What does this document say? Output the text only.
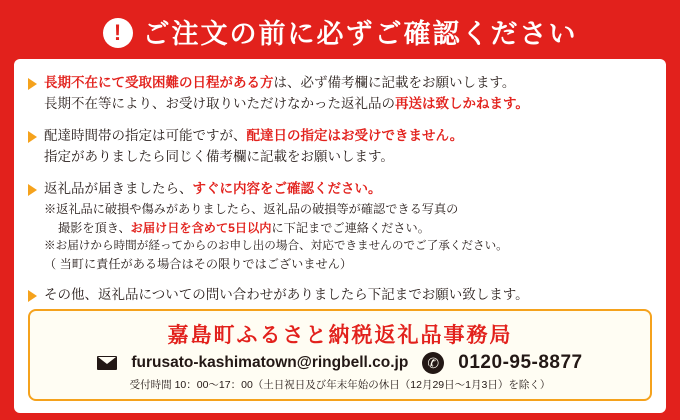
! ご注文の前に必ずご確認ください
長期不在にて受取困難の日程がある方は、必ず備考欄に記載をお願いします。
長期不在等により、お受け取りいただけなかった返礼品の再送は致しかねます。
配達時間帯の指定は可能ですが、配達日の指定はお受けできません。
指定がありましたら同じく備考欄に記載をお願いします。
返礼品が届きましたら、すぐに内容をご確認ください。
※返礼品に破損や傷みがありましたら、返礼品の破損等が確認できる写真の
撮影を頂き、お届け日を含めて5日以内に下記までご連絡ください。
※お届けから時間が経ってからのお申し出の場合、対応できませんのでご了承ください。
（ 当町に責任がある場合はその限りではございません）
その他、返礼品についての問い合わせがありましたら下記までお願い致します。
嘉島町ふるさと納税返礼品事務局
furusato-kashimatown@ringbell.co.jp	✆ 0120-95-8877
受付時間 10：00～17：00（土日祝日及び年末年始の休日（12月29日～1月3日）を除く）
